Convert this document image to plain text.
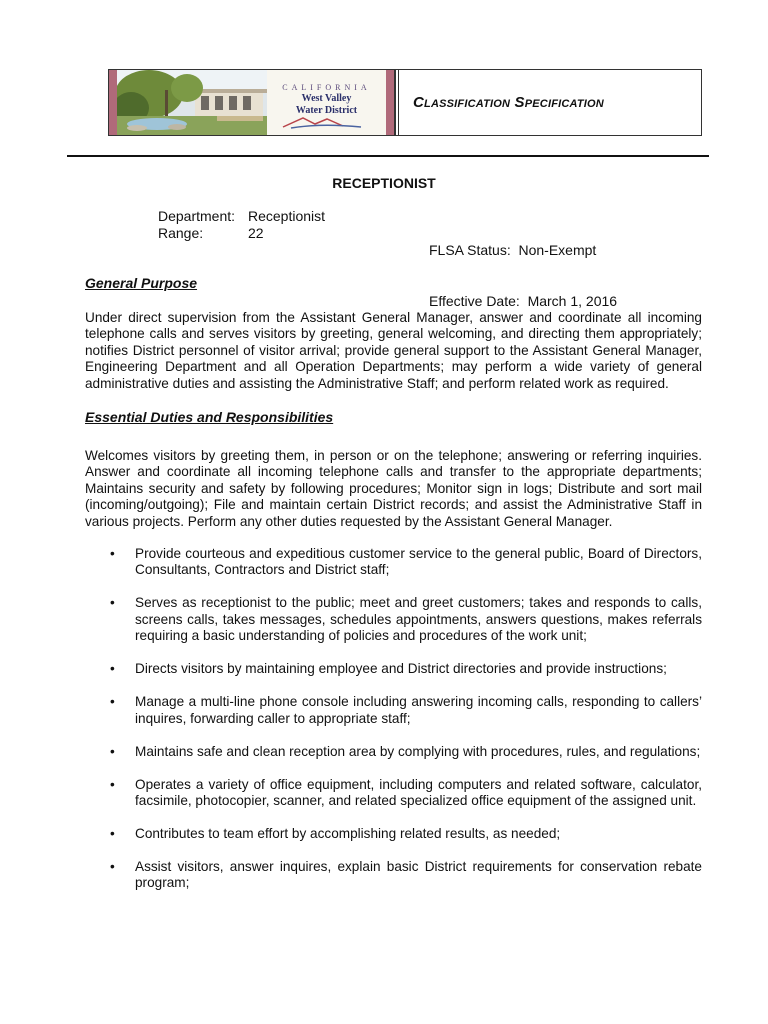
CALIFORNIA
West Valley
Water District	Classification Specification
RECEPTIONIST
Department: Receptionist
Range:	22

FLSA Status:  Non-Exempt

Effective Date:  March 1, 2016

General Purpose
Under direct supervision from the Assistant General Manager, answer and coordinate all incoming telephone calls and serves visitors by greeting, general welcoming, and directing them appropriately; notifies District personnel of visitor arrival; provide general support to the Assistant General Manager, Engineering Department and all Operation Departments; may perform a wide variety of general administrative duties and assisting the Administrative Staff; and perform related work as required.
Essential Duties and Responsibilities
Welcomes visitors by greeting them, in person or on the telephone; answering or referring inquiries. Answer and coordinate all incoming telephone calls and transfer to the appropriate departments; Maintains security and safety by following procedures; Monitor sign in logs; Distribute and sort mail (incoming/outgoing); File and maintain certain District records; and assist the Administrative Staff in various projects. Perform any other duties requested by the Assistant General Manager.
• Provide courteous and expeditious customer service to the general public, Board of Directors, Consultants, Contractors and District staff;
• Serves as receptionist to the public; meet and greet customers; takes and responds to calls, screens calls, takes messages, schedules appointments, answers questions, makes referrals requiring a basic understanding of policies and procedures of the work unit;
• Directs visitors by maintaining employee and District directories and provide instructions;
• Manage a multi-line phone console including answering incoming calls, responding to callers’ inquires, forwarding caller to appropriate staff;
• Maintains safe and clean reception area by complying with procedures, rules, and regulations;
• Operates a variety of office equipment, including computers and related software, calculator, facsimile, photocopier, scanner, and related specialized office equipment of the assigned unit.
• Contributes to team effort by accomplishing related results, as needed;
• Assist visitors, answer inquires, explain basic District requirements for conservation rebate program;
